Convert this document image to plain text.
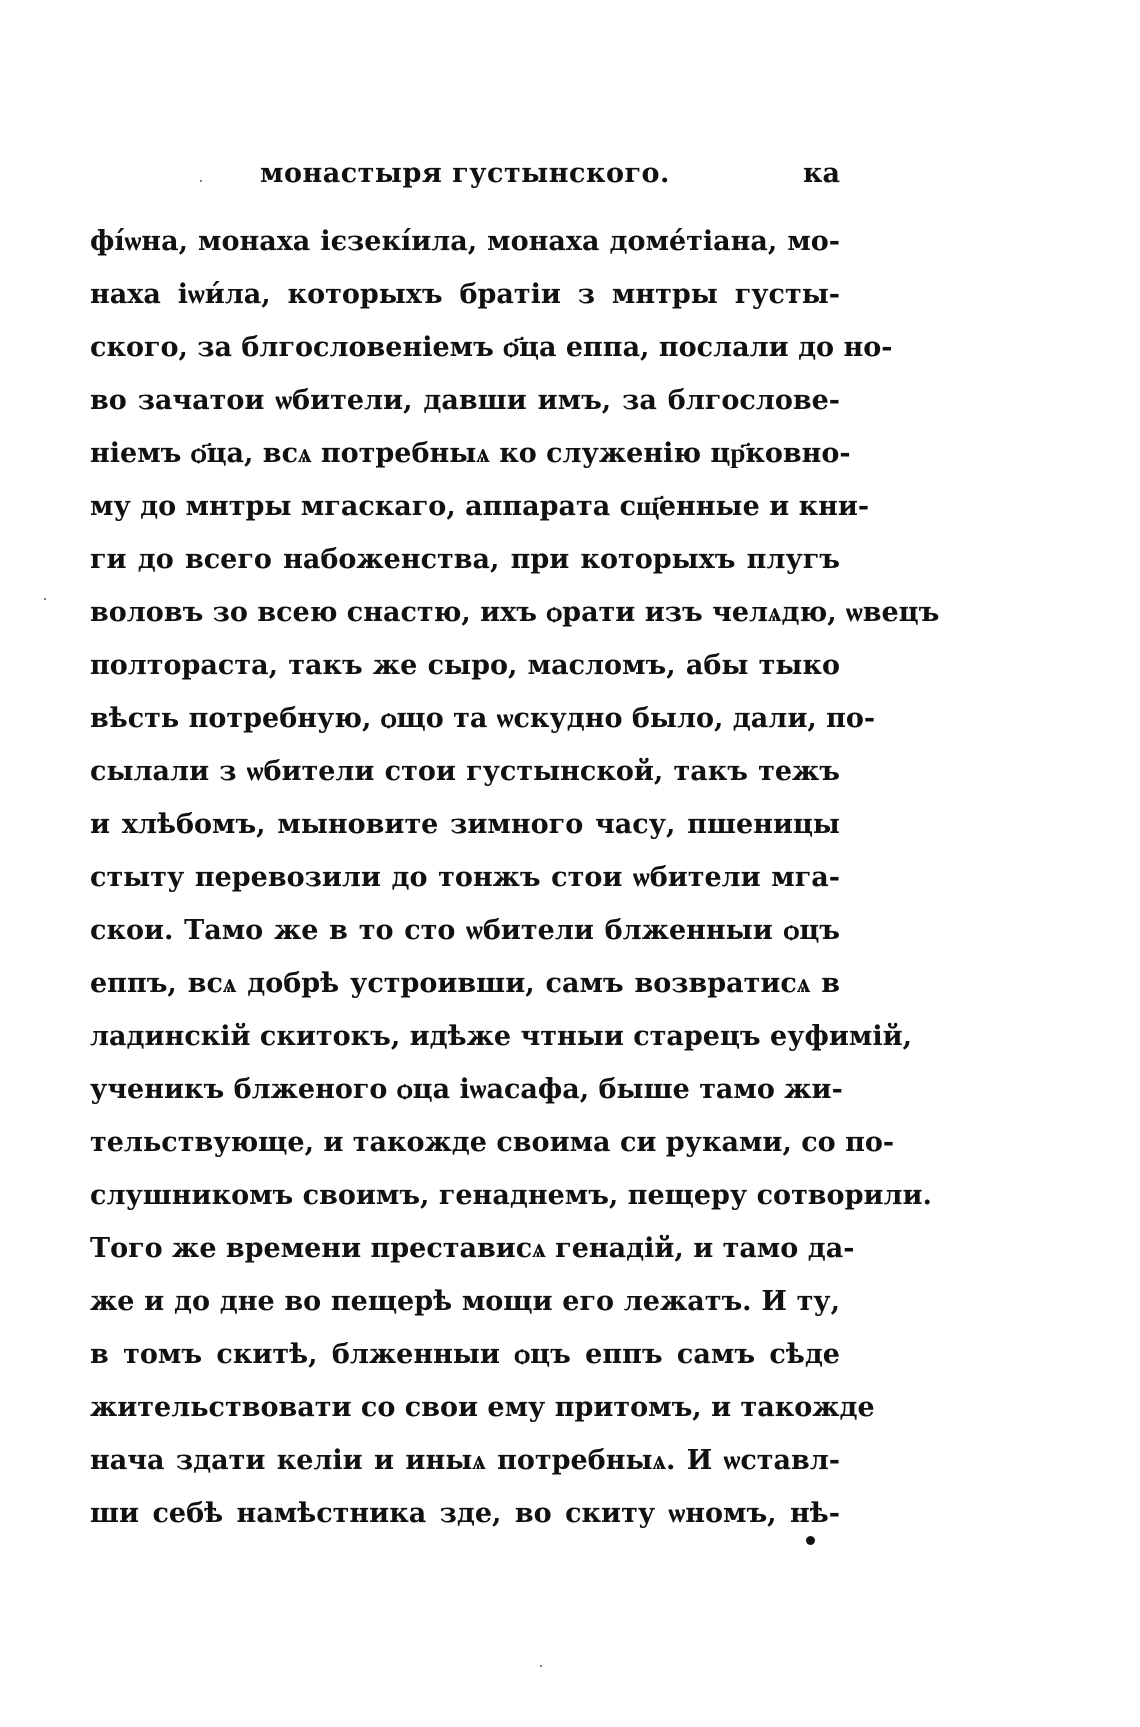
монастыря густынского.	ка
фі́ѡна, монаха ієзекі́ила, монаха доме́тіана, мо-
наха іѡи́ла, которыхъ братіи з мнтры густы-
ского, за блгословеніемъ ѻ҃ца еппа, послали до но-
во зачатои ѡбители, давши имъ, за блгослове-
ніемъ ѻ҃ца, всѧ потребныѧ ко служенію цр҃ковно-
му до мнтры мгаскаго, аппарата сщ҃енные и кни-
ги до всего набоженства, при которыхъ плугъ
воловъ зо всею снастю, ихъ ѻрати изъ челѧдю, ѡвецъ
полтораста, такъ же сыро, масломъ, абы тыко
вѣсть потребную, ѻщо та ѡскудно было, дали, по-
сылали з ѡбители стои густынской, такъ тежъ
и хлѣбомъ, мыновите зимного часу, пшеницы
стыту перевозили до тонжъ стои ѡбители мга-
скои. Тамо же в то сто ѡбители блженныи ѻцъ
еппъ, всѧ добрѣ устроивши, самъ возвратисѧ в
ладинскій скитокъ, идѣже чтныи старецъ еуфимій,
ученикъ блженого ѻца іѡасафа, быше тамо жи-
тельствующе, и такожде своима си руками, со по-
слушникомъ своимъ, генаднемъ, пещеру сотворили.
Того же времени престависѧ генадій, и тамо да-
же и до дне во пещерѣ мощи его лежатъ. И ту,
в томъ скитѣ, блженныи ѻцъ еппъ самъ сѣде
жительствовати со свои ему притомъ, и такожде
нача здати келіи и иныѧ потребныѧ. И ѡставл-
ши себѣ намѣстника зде, во скиту ѡномъ, нѣ-
